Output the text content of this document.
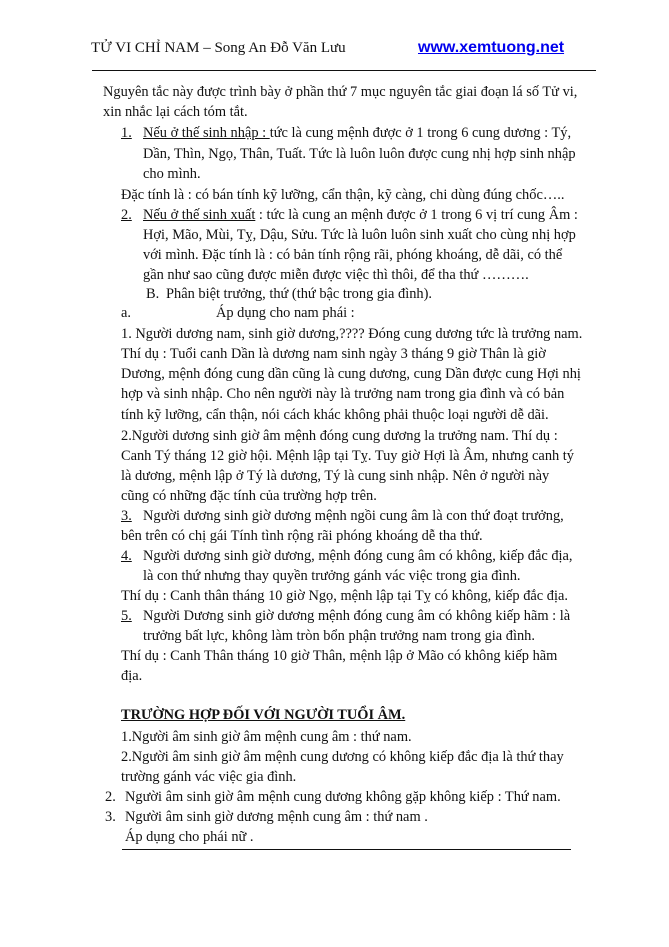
TỬ VI CHỈ NAM – Song An Đỗ Văn Lưu	www.xemtuong.net
Nguyên tắc này được trình bày ở phần thứ 7 mục nguyên tắc giai đoạn lá số Tử vi,
xin nhắc lại cách tóm tắt.
1. Nếu ở thế sinh nhập : tức là cung mệnh được ở 1 trong 6 cung dương : Tý,
Dần, Thìn, Ngọ, Thân, Tuất. Tức là luôn luôn được cung nhị hợp sinh nhập
cho mình.
Đặc tính là : có bán tính kỹ lưỡng, cẩn thận, kỹ càng, chi dùng đúng chốc…..
2. Nếu ở thế sinh xuất : tức là cung an mệnh được ở 1 trong 6 vị trí cung Âm :
Hợi, Mão, Mùi, Tỵ, Dậu, Sửu. Tức là luôn luôn sinh xuất cho cùng nhị hợp
với mình. Đặc tính là : có bản tính rộng rãi, phóng khoáng, dễ dãi, có thể
gần như sao cũng được miễn được việc thì thôi, để tha thứ ……….
B. Phân biệt trưởng, thứ (thứ bậc trong gia đình).
a.	Áp dụng cho nam phái :
1. Người dương nam, sinh giờ dương,???? Đóng cung dương tức là trưởng nam.
Thí dụ : Tuổi canh Dần là dương nam sinh ngày 3 tháng 9 giờ Thân là giờ
Dương, mệnh đóng cung dần cũng là cung dương, cung Dần được cung Hợi nhị
hợp và sinh nhập. Cho nên người này là trưởng nam trong gia đình và có bản
tính kỹ lưỡng, cẩn thận, nói cách khác không phải thuộc loại người dễ dãi.
2.Người dương sinh giờ âm mệnh đóng cung dương la trưởng nam. Thí dụ :
Canh Tý tháng 12 giờ hội. Mệnh lập tại Tỵ. Tuy giờ Hợi là Âm, nhưng canh tý
là dương, mệnh lập ở Tý là dương, Tý là cung sinh nhập. Nên ở người này
cũng có những đặc tính của trường hợp trên.
3. Người dương sinh giờ dương mệnh ngồi cung âm là con thứ đoạt trưởng,
bên trên có chị gái Tính tình rộng rãi phóng khoáng dễ tha thứ.
4. Người dương sinh giờ dương, mệnh đóng cung âm có không, kiếp đắc địa,
là con thứ nhưng thay quyền trưởng gánh vác việc trong gia đình.
Thí dụ : Canh thân tháng 10 giờ Ngọ, mệnh lập tại Tỵ có không, kiếp đắc địa.
5. Người Dương sinh giờ dương mệnh đóng cung âm có không kiếp hãm : là
trưởng bất lực, không làm tròn bổn phận trưởng nam trong gia đình.
Thí dụ : Canh Thân tháng 10 giờ Thân, mệnh lập ở Mão có không kiếp hãm
địa.
TRƯỜNG HỢP ĐỐI VỚI NGƯỜI TUỔI ÂM.
1.Người âm sinh giờ âm mệnh cung âm : thứ nam.
2.Người âm sinh giờ âm mệnh cung dương có không kiếp đắc địa là thứ thay
trường gánh vác việc gia đình.
2. Người âm sinh giờ âm mệnh cung dương không gặp không kiếp : Thứ nam.
3. Người âm sinh giờ dương mệnh cung âm : thứ nam .
Áp dụng cho phái nữ .
